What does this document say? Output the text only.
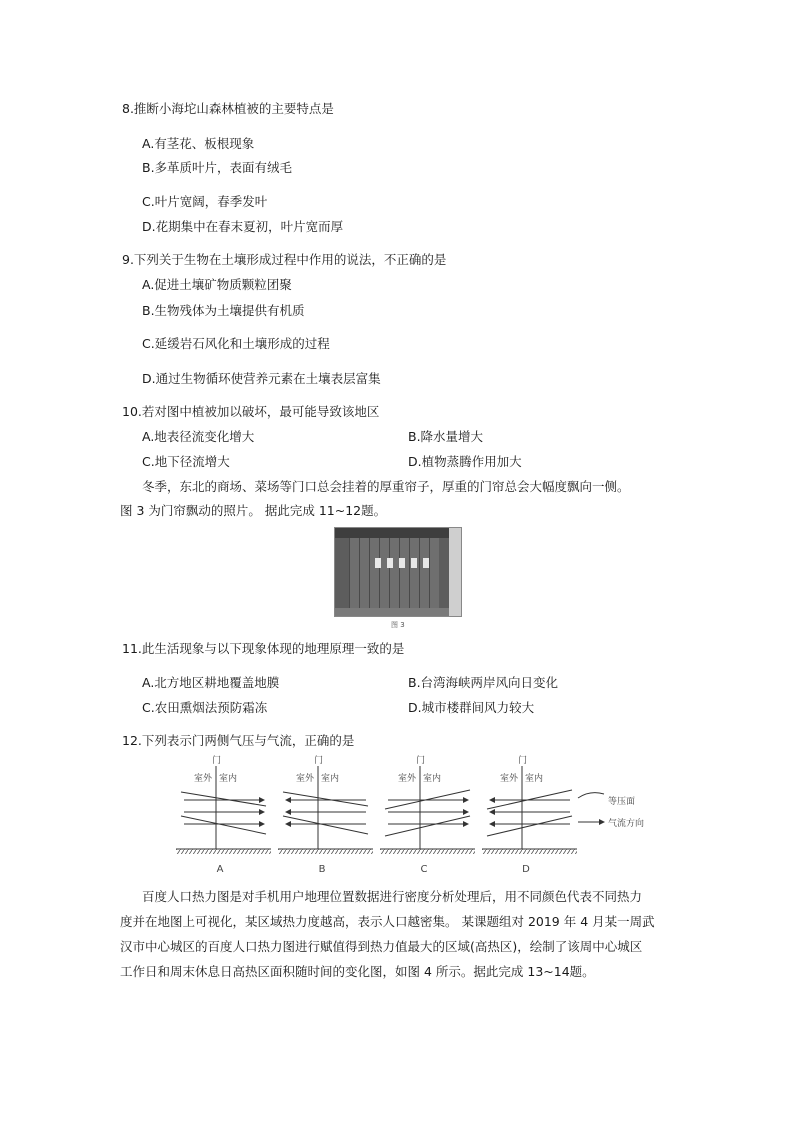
8.推断小海坨山森林植被的主要特点是
A.有茎花、板根现象
B.多革质叶片，表面有绒毛
C.叶片宽阔，春季发叶
D.花期集中在春末夏初，叶片宽而厚
9.下列关于生物在土壤形成过程中作用的说法，不正确的是
A.促进土壤矿物质颗粒团聚
B.生物残体为土壤提供有机质
C.延缓岩石风化和土壤形成的过程
D.通过生物循环使营养元素在土壤表层富集
10.若对图中植被加以破坏，最可能导致该地区
A.地表径流变化增大	B.降水量增大
C.地下径流增大	D.植物蒸腾作用加大
冬季，东北的商场、菜场等门口总会挂着的厚重帘子，厚重的门帘总会大幅度飘向一侧。
图 3 为门帘飘动的照片。 据此完成 11~12题。
图 3
11.此生活现象与以下现象体现的地理原理一致的是
A.北方地区耕地覆盖地膜	B.台湾海峡两岸风向日变化
C.农田熏烟法预防霜冻	D.城市楼群间风力较大
12.下列表示门两侧气压与气流，正确的是
门
室外 室内
A
门
室外 室内
B
门
室外 室内
C
门
室外 室内
D
等压面
气流方向
百度人口热力图是对手机用户地理位置数据进行密度分析处理后，用不同颜色代表不同热力
度并在地图上可视化，某区域热力度越高，表示人口越密集。 某课题组对 2019 年 4 月某一周武
汉市中心城区的百度人口热力图进行赋值得到热力值最大的区域(高热区)，绘制了该周中心城区
工作日和周末休息日高热区面积随时间的变化图，如图 4 所示。据此完成 13~14题。
